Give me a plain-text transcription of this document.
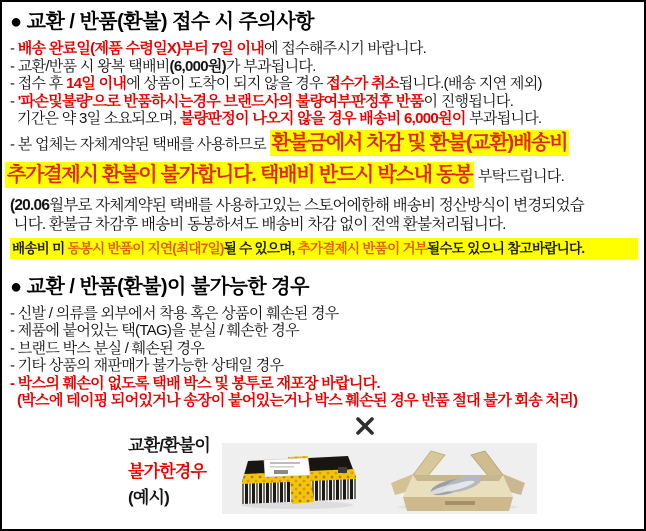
● 교환 / 반품(환불) 접수 시 주의사항
- 배송 완료일(제품 수령일X)부터 7일 이내에 접수해주시기 바랍니다.
- 교환/반품 시 왕복 택배비(6,000원)가 부과됩니다.
- 접수 후 14일 이내에 상품이 도착이 되지 않을 경우 접수가 취소됩니다.(배송 지연 제외)
- '파손및불량'으로 반품하시는경우 브랜드사의 불량여부판정후 반품이 진행됩니다.
기간은 약 3일 소요되오며, 불량판정이 나오지 않을 경우 배송비 6,000원이 부과됩니다.
- 본 업체는 자체계약된 택배를 사용하므로 환불금에서 차감 및 환불(교환)배송비
추가결제시 환불이 불가합니다. 택배비 반드시 박스내 동봉 부탁드립니다.
(20.06월부로 자체계약된 택배를 사용하고있는 스토어에한해 배송비 정산방식이 변경되었습
니다. 환불금 차감후 배송비 동봉하셔도 배송비 차감 없이 전액 환불처리됩니다.
배송비 미 동봉시 반품이 지연(최대7일)될 수 있으며, 추가결제시 반품이 거부될수도 있으니 참고바랍니다.
● 교환 / 반품(환불)이 불가능한 경우
- 신발 / 의류를 외부에서 착용 혹은 상품이 훼손된 경우
- 제품에 붙어있는 택(TAG)을 분실 / 훼손한 경우
- 브랜드 박스 분실 / 훼손된 경우
- 기타 상품의 재판매가 불가능한 상태일 경우
- 박스의 훼손이 없도록 택배 박스 및 봉투로 재포장 바랍니다.
(박스에 테이핑 되어있거나 송장이 붙어있는거나 박스 훼손된 경우 반품 절대 불가 회송 처리)
교환/환불이
불가한경우
(예시)
